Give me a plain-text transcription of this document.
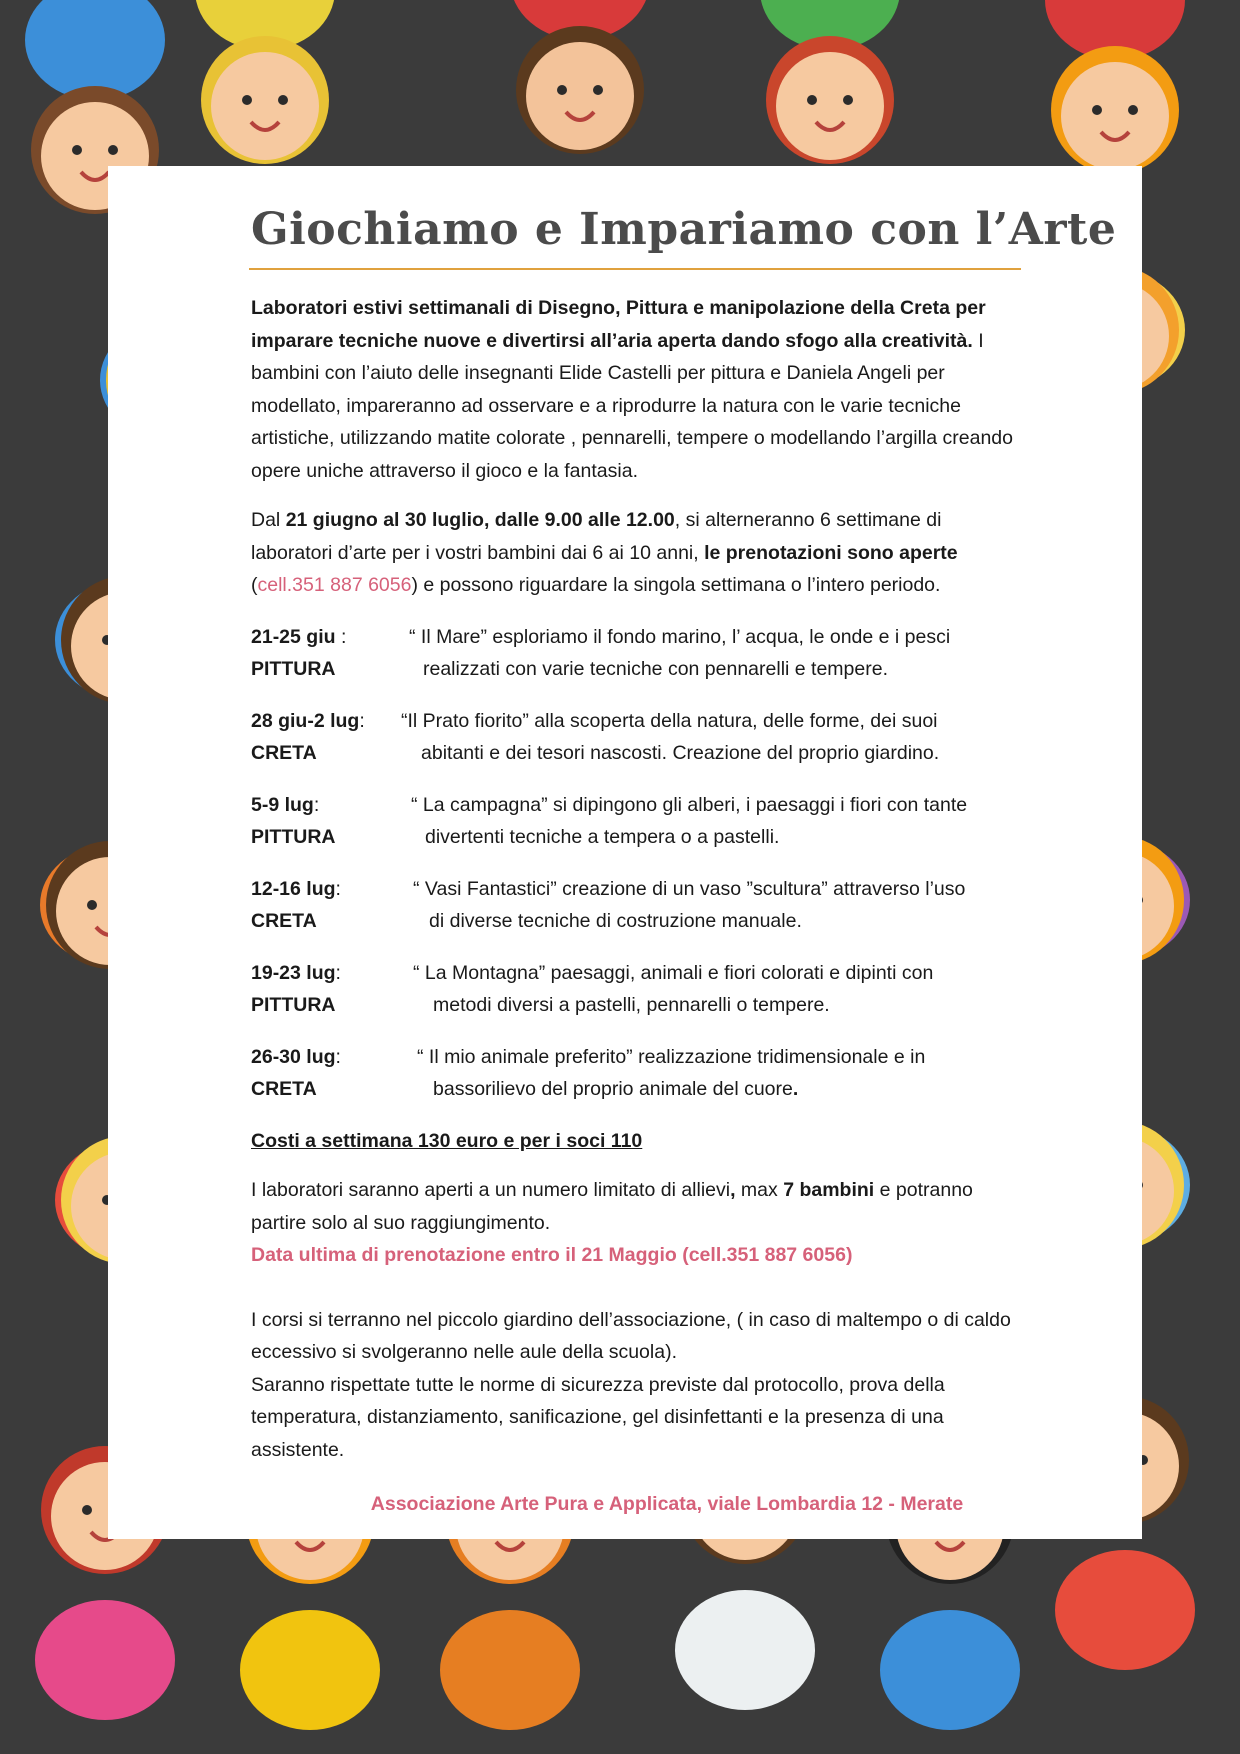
Giochiamo e Impariamo con l’Arte

Laboratori estivi settimanali di Disegno, Pittura e manipolazione della Creta per imparare tecniche nuove e divertirsi all’aria aperta dando sfogo alla creatività. I bambini con l’aiuto delle insegnanti Elide Castelli per pittura e Daniela Angeli per modellato, impareranno ad osservare e a riprodurre la natura con le varie tecniche artistiche, utilizzando matite colorate , pennarelli, tempere o modellando l’argilla creando opere uniche attraverso il gioco e la fantasia.

Dal 21 giugno al 30 luglio, dalle 9.00 alle 12.00, si alterneranno 6 settimane di laboratori d’arte per i vostri bambini dai 6 ai 10 anni, le prenotazioni sono aperte
(cell.351 887 6056) e possono riguardare la singola settimana o l’intero periodo.

21-25 giu :	“ Il Mare” esploriamo il fondo marino, l’ acqua, le onde e i pesci
PITTURA	realizzati con varie tecniche con pennarelli e tempere.
28 giu-2 lug:	“Il Prato fiorito” alla scoperta della natura, delle forme, dei suoi
CRETA	abitanti e dei tesori nascosti. Creazione del proprio giardino.
5-9 lug:	“ La campagna” si dipingono gli alberi, i paesaggi i fiori con tante
PITTURA	divertenti tecniche a tempera o a pastelli.
12-16 lug:	“ Vasi Fantastici” creazione di un vaso ”scultura” attraverso l’uso
CRETA	di diverse tecniche di costruzione manuale.
19-23 lug:	“ La Montagna” paesaggi, animali e fiori colorati e dipinti con
PITTURA	metodi diversi a pastelli, pennarelli o tempere.
26-30 lug:	“ Il mio animale preferito” realizzazione tridimensionale e in
CRETA	bassorilievo del proprio animale del cuore.
Costi a settimana 130 euro e per i soci 110

I laboratori saranno aperti a un numero limitato di allievi, max 7 bambini e potranno partire solo al suo raggiungimento.

Data ultima di prenotazione entro il 21 Maggio (cell.351 887 6056)
I corsi si terranno nel piccolo giardino dell’associazione, ( in caso di maltempo o di caldo eccessivo si svolgeranno nelle aule della scuola).
Saranno rispettate tutte le norme di sicurezza previste dal protocollo, prova della temperatura, distanziamento, sanificazione, gel disinfettanti e la presenza di una assistente.
Associazione Arte Pura e Applicata, viale Lombardia 12 - Merate
